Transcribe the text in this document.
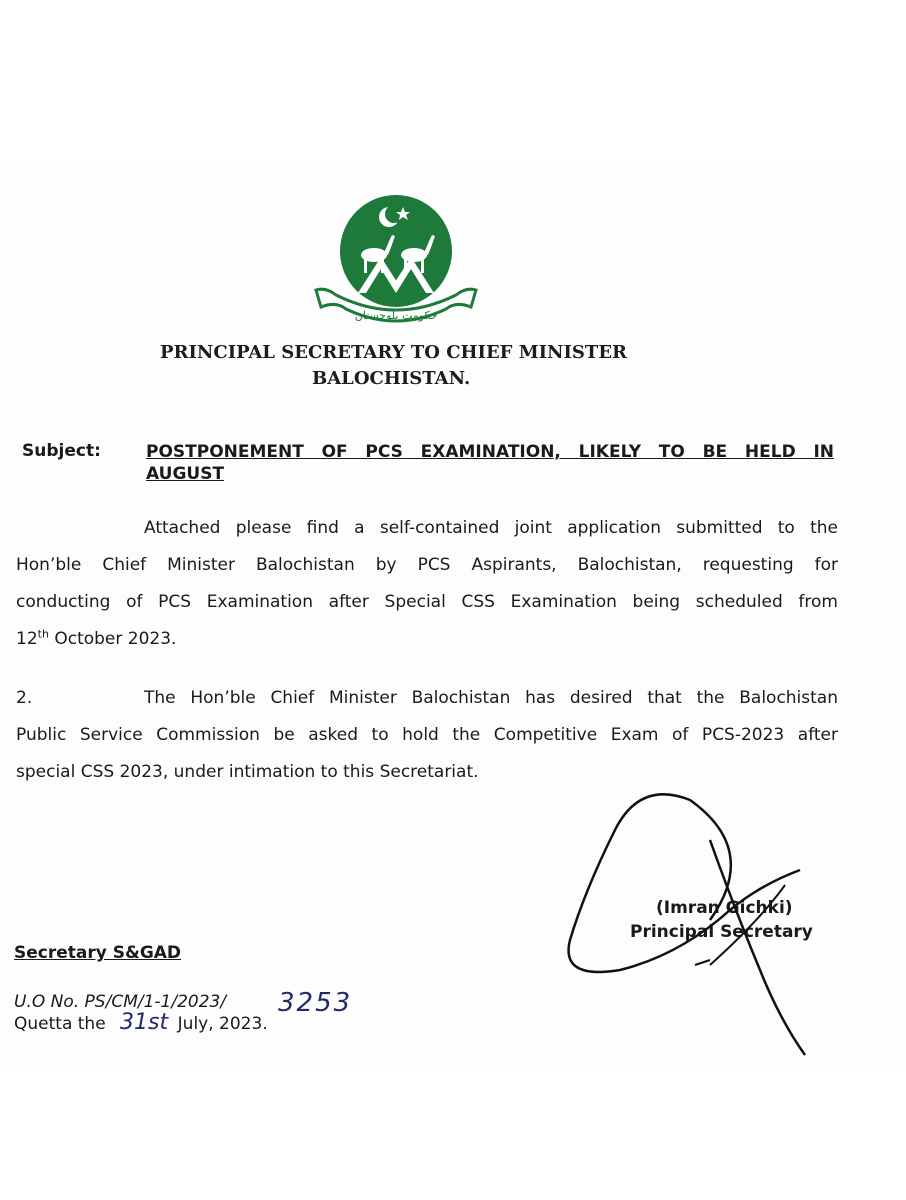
حکومت بلوچستان
PRINCIPAL SECRETARY TO CHIEF MINISTER
BALOCHISTAN.
Subject:	POSTPONEMENT OF PCS EXAMINATION, LIKELY TO BE HELD IN
AUGUST
Attached please find a self-contained joint application submitted to the
Hon’ble Chief Minister Balochistan by PCS Aspirants, Balochistan, requesting for
conducting of PCS Examination after Special CSS Examination being scheduled from
12th October 2023.
2.	The Hon’ble Chief Minister Balochistan has desired that the Balochistan
Public Service Commission be asked to hold the Competitive Exam of PCS-2023 after
special CSS 2023, under intimation to this Secretariat.
(Imran Gichki)
Principal Secretary
Secretary S&GAD
U.O No. PS/CM/1-1/2023/ 3253
Quetta the	July, 2023.
31st
